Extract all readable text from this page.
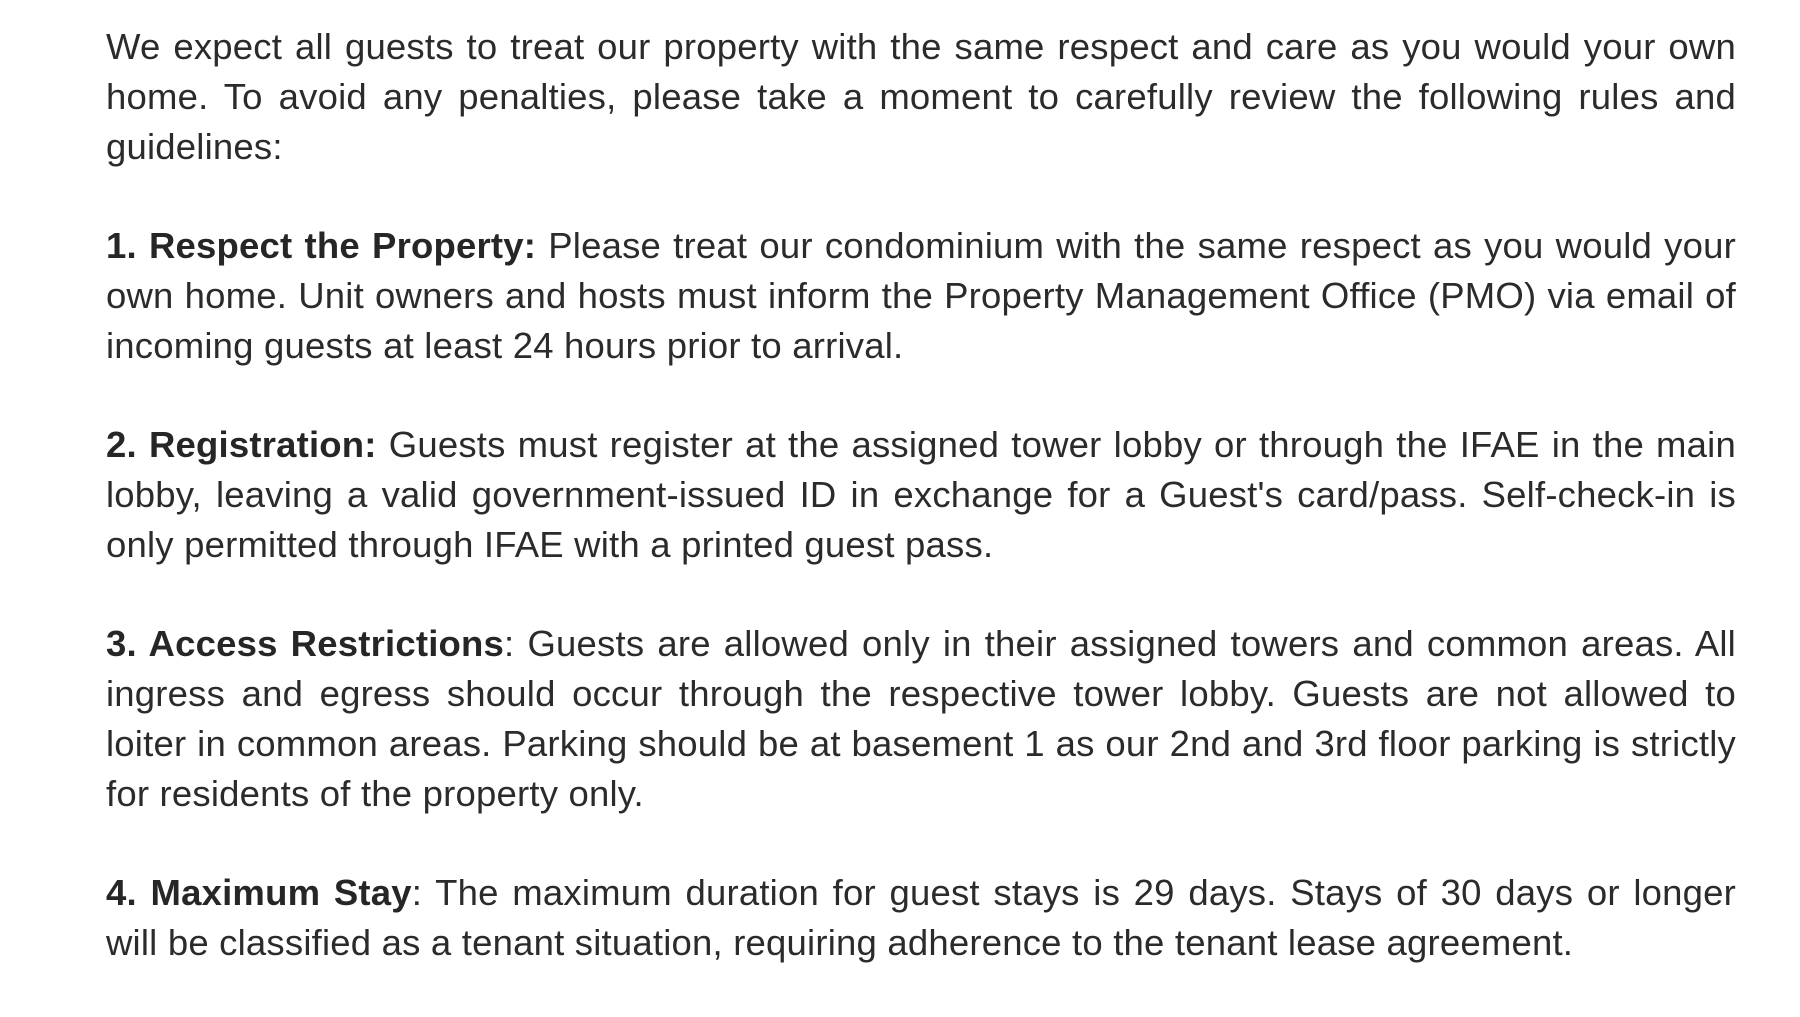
We expect all guests to treat our property with the same respect and care as you would your own home. To avoid any penalties, please take a moment to carefully review the following rules and guidelines:

1. Respect the Property: Please treat our condominium with the same respect as you would your own home. Unit owners and hosts must inform the Property Management Office (PMO) via email of incoming guests at least 24 hours prior to arrival.

2. Registration: Guests must register at the assigned tower lobby or through the IFAE in the main lobby, leaving a valid government-issued ID in exchange for a Guest's card/pass. Self-check-in is only permitted through IFAE with a printed guest pass.

3. Access Restrictions: Guests are allowed only in their assigned towers and common areas. All ingress and egress should occur through the respective tower lobby. Guests are not allowed to loiter in common areas. Parking should be at basement 1 as our 2nd and 3rd floor parking is strictly for residents of the property only.

4. Maximum Stay: The maximum duration for guest stays is 29 days. Stays of 30 days or longer will be classified as a tenant situation, requiring adherence to the tenant lease agreement.
